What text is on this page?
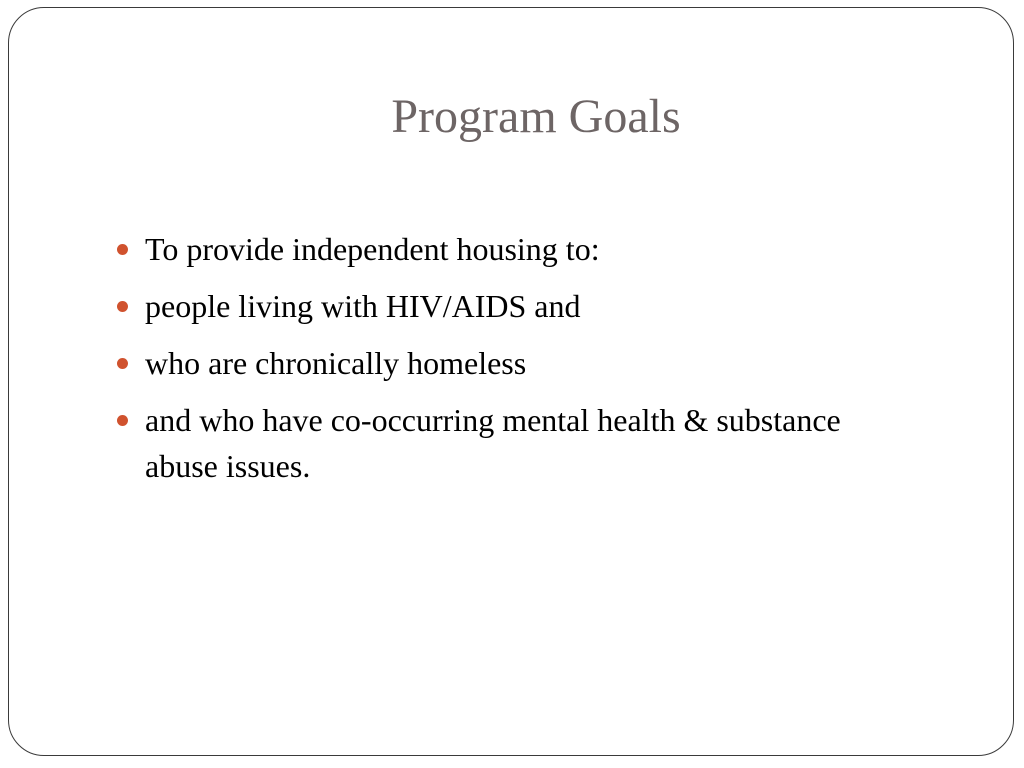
Program Goals
To provide independent housing to:
people living with HIV/AIDS and
who are chronically homeless
and who have co-occurring mental health & substance abuse issues.
